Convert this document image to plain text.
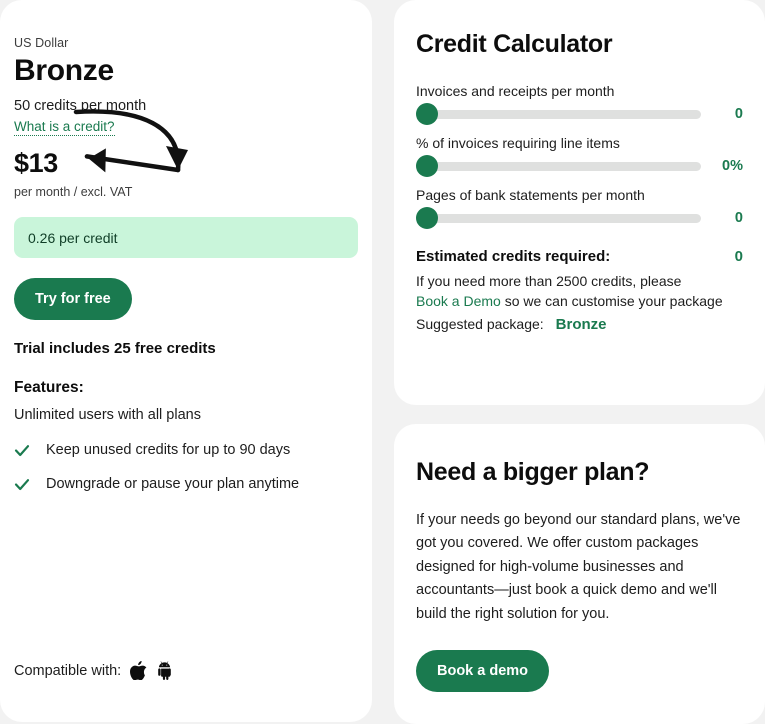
US Dollar
Bronze
50 credits per month
What is a credit?
$13
per month / excl. VAT
0.26 per credit
Try for free
Trial includes 25 free credits
Features:
Unlimited users with all plans
Keep unused credits for up to 90 days
Downgrade or pause your plan anytime
Compatible with:
Credit Calculator
Invoices and receipts per month
0
% of invoices requiring line items
0%
Pages of bank statements per month
0
Estimated credits required:	0

If you need more than 2500 credits, please
Book a Demo so we can customise your package

Suggested package: Bronze
Need a bigger plan?

If your needs go beyond our standard plans, we've got you covered. We offer custom packages designed for high-volume businesses and accountants—just book a quick demo and we'll build the right solution for you.

Book a demo
